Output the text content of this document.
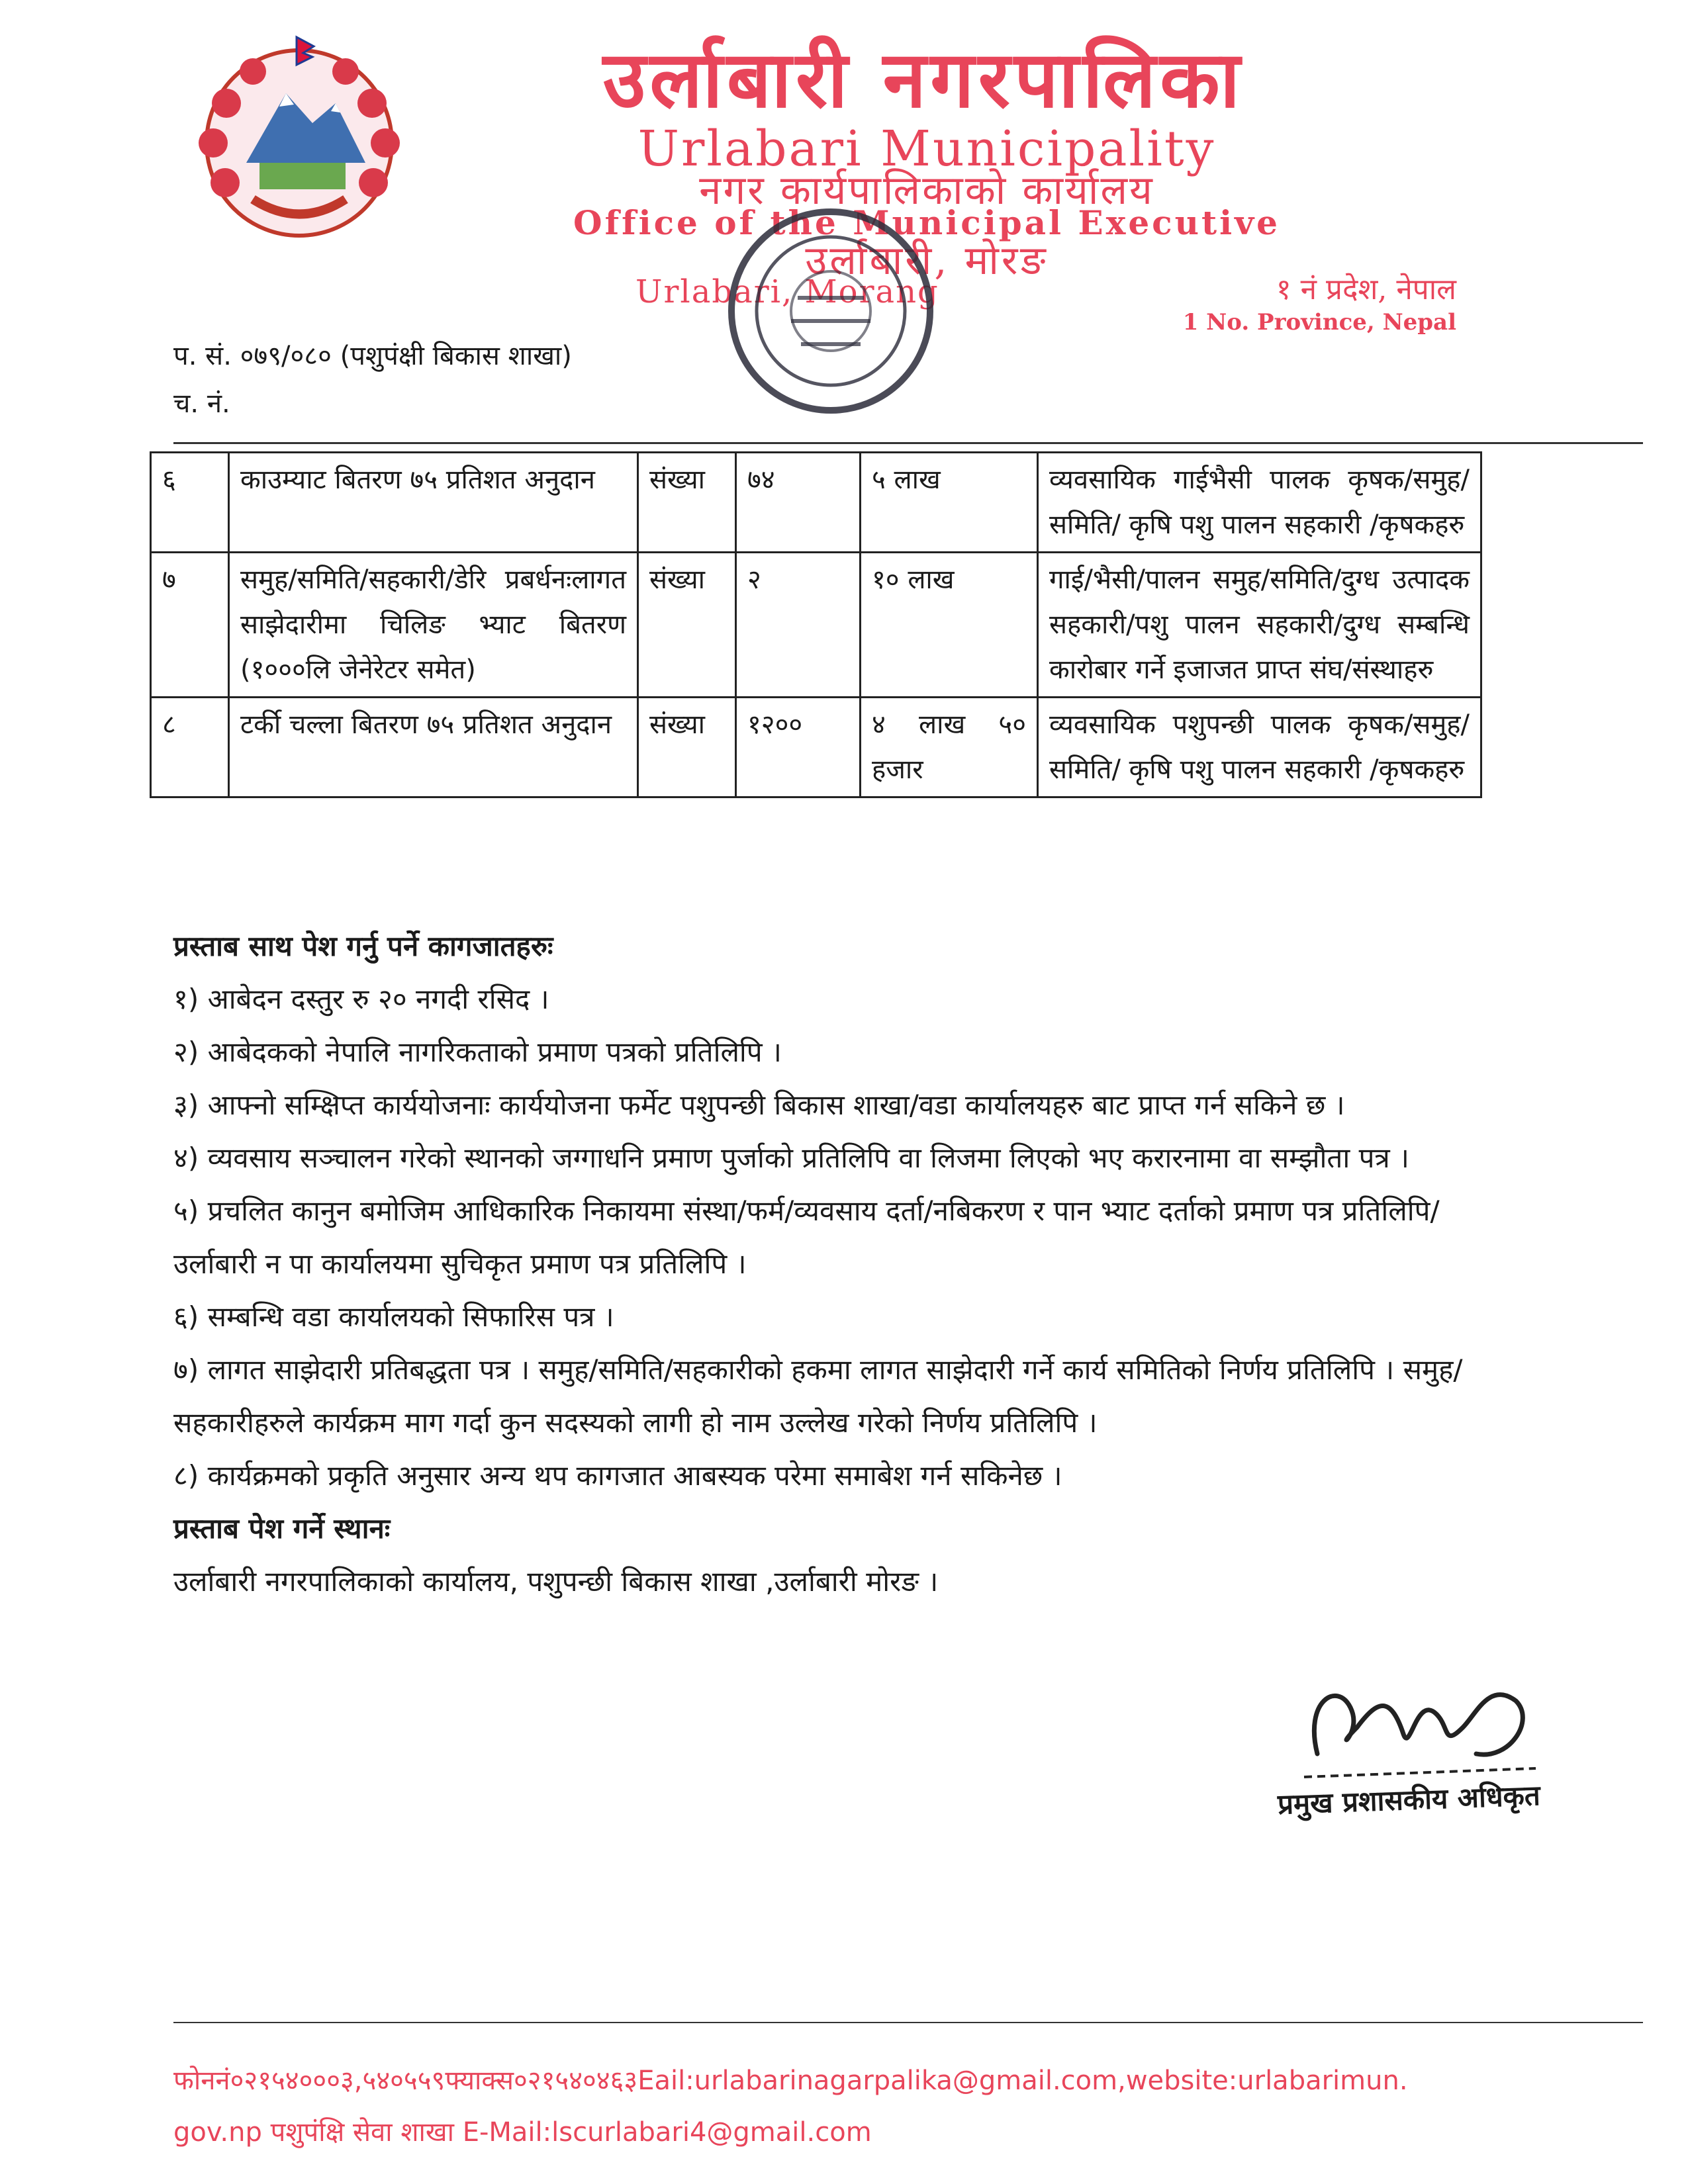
उर्लाबारी नगरपालिका
Urlabari Municipality
नगर कार्यपालिकाको कार्यालय
Office of the Municipal Executive
उर्लाबारी, मोरङ
Urlabari, Morang	१ नं प्रदेश, नेपाल
1 No. Province, Nepal
प. सं. ०७९/०८० (पशुपंक्षी बिकास शाखा)
च. नं.
६	काउम्याट बितरण ७५ प्रतिशत अनुदान	संख्या	७४	५ लाख	व्यवसायिक गाईभैसी पालक कृषक/समुह/समिति/ कृषि पशु पालन सहकारी /कृषकहरु
७	समुह/समिति/सहकारी/डेरि प्रबर्धनःलागत साझेदारीमा चिलिङ भ्याट बितरण (१०००लि जेनेरेटर समेत)	संख्या	२	१० लाख	गाई/भैसी/पालन समुह/समिति/दुग्ध उत्पादक सहकारी/पशु पालन सहकारी/दुग्ध सम्बन्धि कारोबार गर्ने इजाजत प्राप्त संघ/संस्थाहरु
८	टर्की चल्ला बितरण ७५ प्रतिशत अनुदान	संख्या	१२००	४ लाख ५० हजार	व्यवसायिक पशुपन्छी पालक कृषक/समुह/समिति/ कृषि पशु पालन सहकारी /कृषकहरु

प्रस्ताब साथ पेश गर्नु पर्ने कागजातहरुः

१) आबेदन दस्तुर रु २० नगदी रसिद ।

२) आबेदकको नेपालि नागरिकताको प्रमाण पत्रको प्रतिलिपि ।

३) आफ्नो सम्क्षिप्त कार्ययोजनाः कार्ययोजना फर्मेट पशुपन्छी बिकास शाखा/वडा कार्यालयहरु बाट प्राप्त गर्न सकिने छ ।

४) व्यवसाय सञ्चालन गरेको स्थानको जग्गाधनि प्रमाण पुर्जाको प्रतिलिपि वा लिजमा लिएको भए करारनामा वा सम्झौता पत्र ।

५) प्रचलित कानुन बमोजिम आधिकारिक निकायमा संस्था/फर्म/व्यवसाय दर्ता/नबिकरण र पान भ्याट दर्ताको प्रमाण पत्र प्रतिलिपि/उर्लाबारी न पा कार्यालयमा सुचिकृत प्रमाण पत्र प्रतिलिपि ।

६) सम्बन्धि वडा कार्यालयको सिफारिस पत्र ।

७) लागत साझेदारी प्रतिबद्धता पत्र । समुह/समिति/सहकारीको हकमा लागत साझेदारी गर्ने कार्य समितिको निर्णय प्रतिलिपि । समुह/सहकारीहरुले कार्यक्रम माग गर्दा कुन सदस्यको लागी हो नाम उल्लेख गरेको निर्णय प्रतिलिपि ।

८) कार्यक्रमको प्रकृति अनुसार अन्य थप कागजात आबस्यक परेमा समाबेश गर्न सकिनेछ ।

प्रस्ताब पेश गर्ने स्थानः

उर्लाबारी नगरपालिकाको कार्यालय, पशुपन्छी बिकास शाखा ,उर्लाबारी मोरङ ।

प्रमुख प्रशासकीय अधिकृत
फोननं०२१५४०००३,५४०५५९फ्याक्स०२१५४०४६३Eail:urlabarinagarpalika@gmail.com,website:urlabarimun.
gov.np पशुपंक्षि सेवा शाखा E-Mail:lscurlabari4@gmail.com
